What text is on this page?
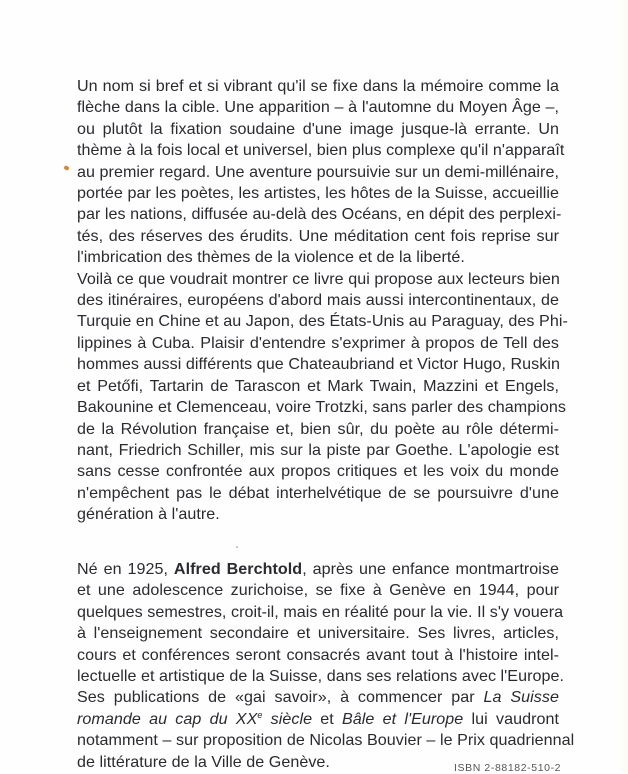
Un nom si bref et si vibrant qu'il se fixe dans la mémoire comme la
flèche dans la cible. Une apparition – à l'automne du Moyen Âge –,
ou plutôt la fixation soudaine d'une image jusque-là errante. Un
thème à la fois local et universel, bien plus complexe qu'il n'apparaît
au premier regard. Une aventure poursuivie sur un demi-millénaire,
portée par les poètes, les artistes, les hôtes de la Suisse, accueillie
par les nations, diffusée au-delà des Océans, en dépit des perplexi-
tés, des réserves des érudits. Une méditation cent fois reprise sur
l'imbrication des thèmes de la violence et de la liberté.
Voilà ce que voudrait montrer ce livre qui propose aux lecteurs bien
des itinéraires, européens d'abord mais aussi intercontinentaux, de
Turquie en Chine et au Japon, des États-Unis au Paraguay, des Phi-
lippines à Cuba. Plaisir d'entendre s'exprimer à propos de Tell des
hommes aussi différents que Chateaubriand et Victor Hugo, Ruskin
et Petőfi, Tartarin de Tarascon et Mark Twain, Mazzini et Engels,
Bakounine et Clemenceau, voire Trotzki, sans parler des champions
de la Révolution française et, bien sûr, du poète au rôle détermi-
nant, Friedrich Schiller, mis sur la piste par Goethe. L'apologie est
sans cesse confrontée aux propos critiques et les voix du monde
n'empêchent pas le débat interhelvétique de se poursuivre d'une
génération à l'autre.
Né en 1925, Alfred Berchtold, après une enfance montmartroise
et une adolescence zurichoise, se fixe à Genève en 1944, pour
quelques semestres, croit-il, mais en réalité pour la vie. Il s'y vouera
à l'enseignement secondaire et universitaire. Ses livres, articles,
cours et conférences seront consacrés avant tout à l'histoire intel-
lectuelle et artistique de la Suisse, dans ses relations avec l'Europe.
Ses publications de «gai savoir», à commencer par La Suisse
romande au cap du XXe siècle et Bâle et l'Europe lui vaudront
notamment – sur proposition de Nicolas Bouvier – le Prix quadriennal
de littérature de la Ville de Genève.	ISBN 2-88182-510-2
